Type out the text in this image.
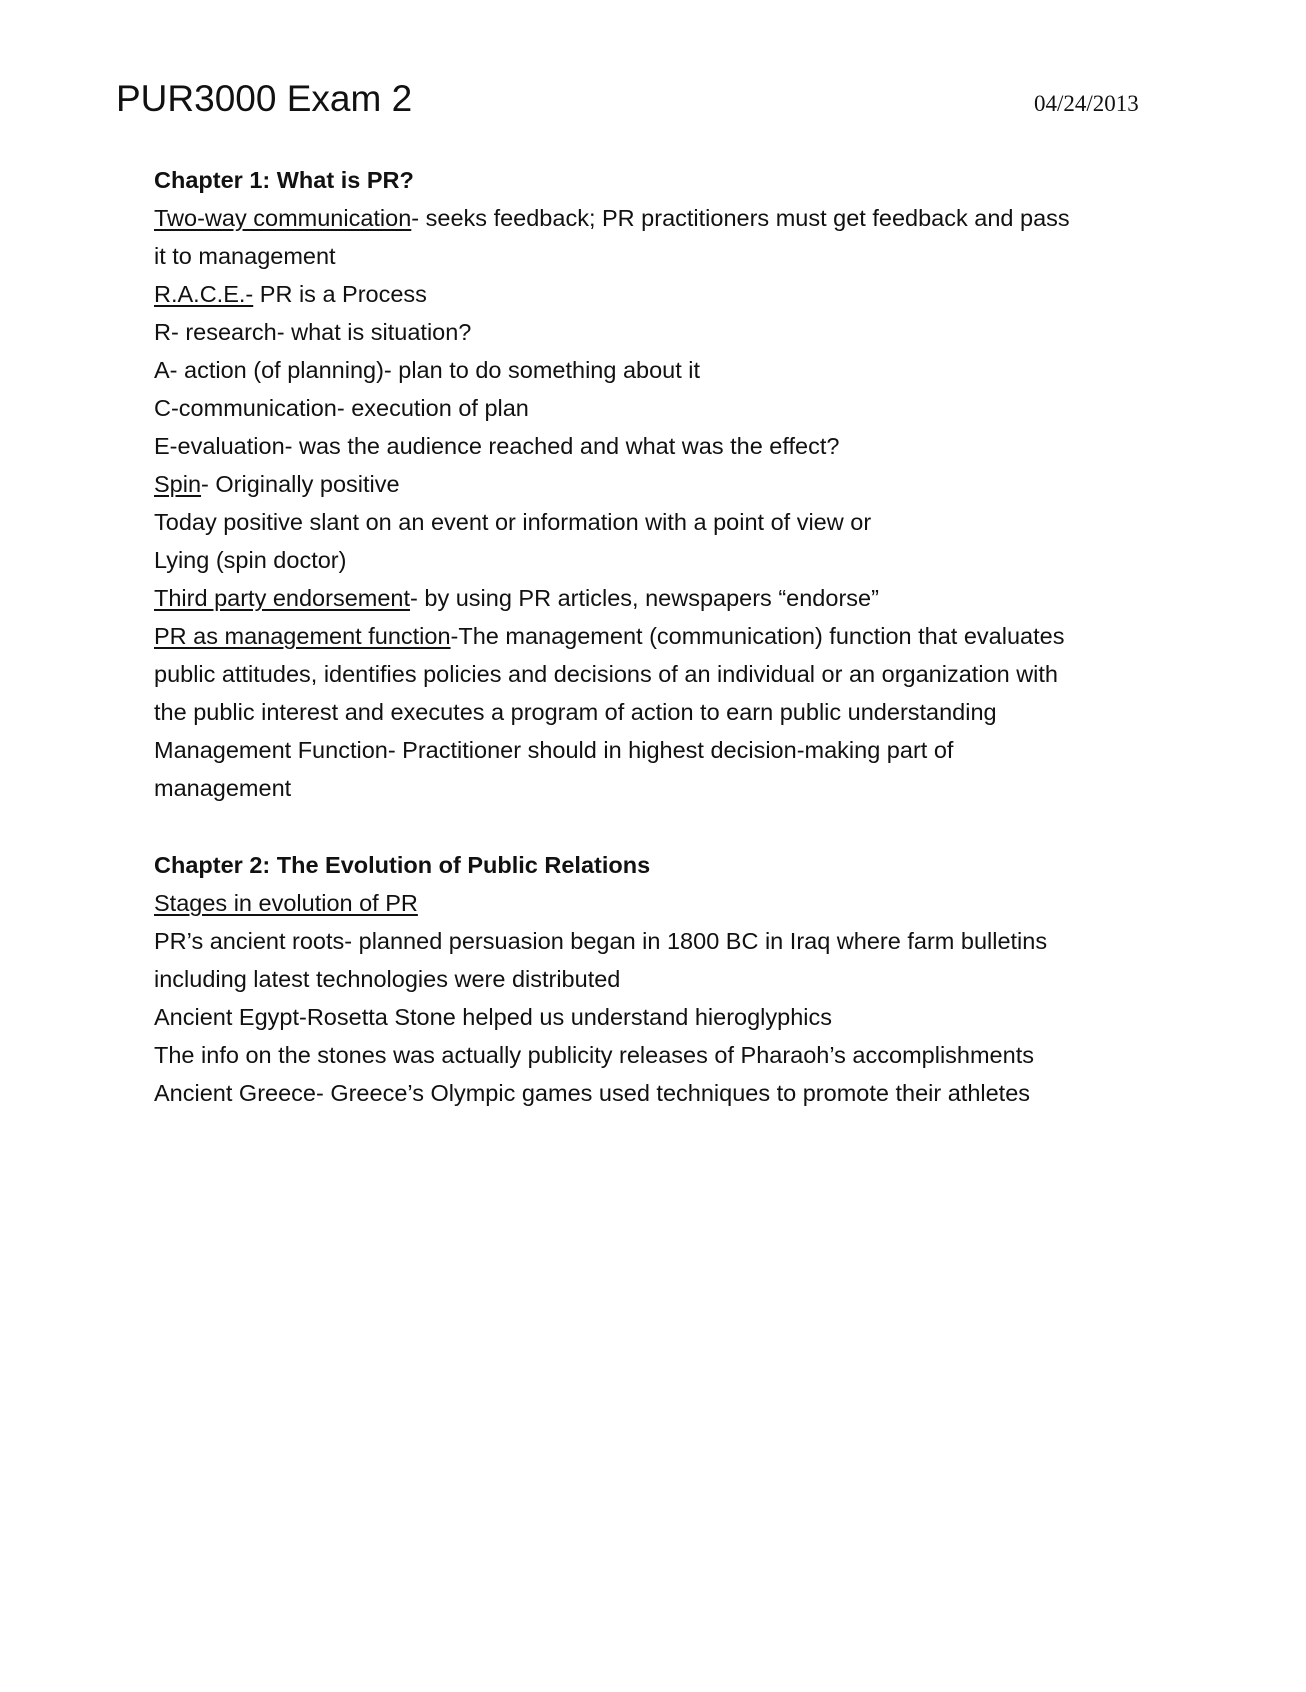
PUR3000 Exam 2	04/24/2013
Chapter 1: What is PR?
Two-way communication- seeks feedback; PR practitioners must get feedback and pass
it to management
R.A.C.E.- PR is a Process
R- research- what is situation?
A- action (of planning)- plan to do something about it
C-communication- execution of plan
E-evaluation- was the audience reached and what was the effect?
Spin- Originally positive
Today positive slant on an event or information with a point of view or
Lying (spin doctor)
Third party endorsement- by using PR articles, newspapers “endorse”
PR as management function-The management (communication) function that evaluates
public attitudes, identifies policies and decisions of an individual or an organization with
the public interest and executes a program of action to earn public understanding
Management Function- Practitioner should in highest decision-making part of
management
Chapter 2: The Evolution of Public Relations
Stages in evolution of PR
PR’s ancient roots- planned persuasion began in 1800 BC in Iraq where farm bulletins
including latest technologies were distributed
Ancient Egypt-Rosetta Stone helped us understand hieroglyphics
The info on the stones was actually publicity releases of Pharaoh’s accomplishments
Ancient Greece- Greece’s Olympic games used techniques to promote their athletes
